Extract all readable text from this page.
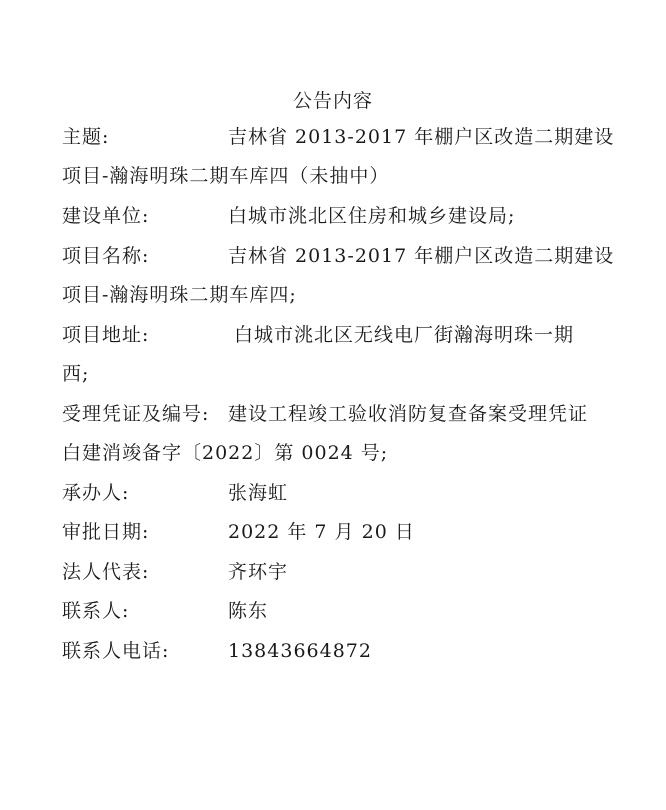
公告内容
主题:	吉林省 2013-2017 年棚户区改造二期建设
项目-瀚海明珠二期车库四（未抽中）
建设单位:	白城市洮北区住房和城乡建设局;
项目名称:	吉林省 2013-2017 年棚户区改造二期建设
项目-瀚海明珠二期车库四;
项目地址:	白城市洮北区无线电厂街瀚海明珠一期
西;
受理凭证及编号: 建设工程竣工验收消防复查备案受理凭证
白建消竣备字〔2022〕第 0024 号;
承办人:	张海虹
审批日期:	2022 年 7 月 20 日
法人代表:	齐环宇
联系人:	陈东
联系人电话:	13843664872
